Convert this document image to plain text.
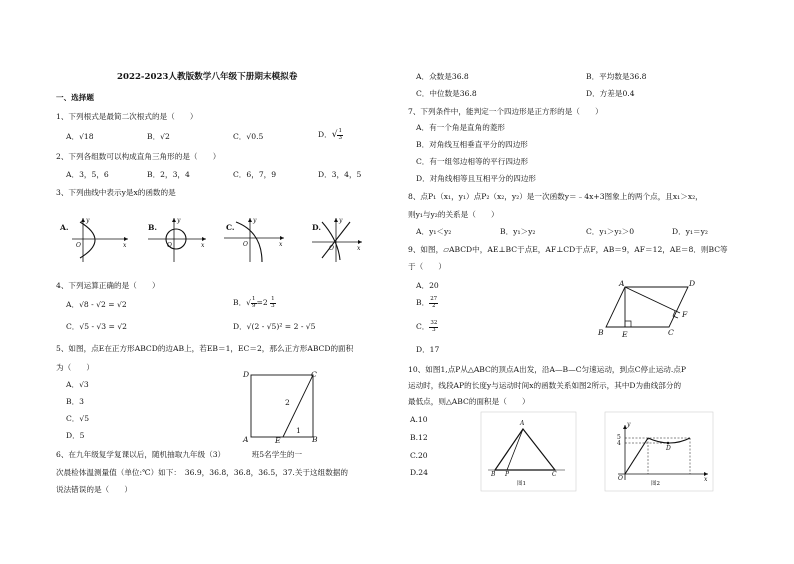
2022-2023人教版数学八年级下册期末模拟卷
一、选择题
1、下列根式是最简二次根式的是（　　）
A．√18	B．√2	C．√0.5	D．√ $\frac{1}{3}$
2、下列各组数可以构成直角三角形的是（　　）
A．3，5，6	B．2，3，4	C．6，7，9	D．3，4，5
3、下列曲线中表示y是x的函数的是
A.
y
O	x
B.
y
O	x
C.
y
O	x
D.
y
O	x
4、下列运算正确的是（　　）
A．√8 - √2 = √2	B．√ $\frac{1}{9} =2 \frac{1}{3}$
C．√5 - √3 = √2	D．√(2 - √5)² = 2 - √5
5、如图，点E在正方形ABCD的边AB上，若EB＝1，EC＝2，那么正方形ABCD的面积
为（　　）
A．√3
B．3
C．√5
D．5
D	C
A	E	B
2
1
6、在九年级复学复课以后，随机抽取九年级（3）　　　　班5名学生的一
次晨检体温测量值（单位:℃）如下：　36.9，36.8，36.8，36.5，37.关于这组数据的
说法错误的是（　　）
A．众数是36.8	B．平均数是36.8
C．中位数是36.8	D．方差是0.4
7、下列条件中，能判定一个四边形是正方形的是（　　）
A．有一个角是直角的菱形
B．对角线互相垂直平分的四边形
C．有一组邻边相等的平行四边形
D．对角线相等且互相平分的四边形
8、点P₁（x₁，y₁）点P₂（x₂，y₂）是一次函数y＝﹣4x+3图象上的两个点，且x₁＞x₂，
则y₁与y₂的关系是（　　）
A．y₁＜y₂	B．y₁＞y₂	C．y₁＞y₂＞0	D．y₁＝y₂
9、如图，▱ABCD中，AE⊥BC于点E，AF⊥CD于点F，AB＝9，AF＝12，AE＝8．则BC等
于（　　）
A．20
B． $\frac{27}{2}$
C． $\frac{32}{3}$
D．17
A	D
F
B E	C
10、如图1,点P从△ABC的顶点A出发，沿A—B—C匀速运动，到点C停止运动.点P
运动时，线段AP的长度y与运动时间x的函数关系如图2所示，其中D为曲线部分的
最低点，则△ABC的面积是（　　）
A.10
B.12
C.20
D.24
A
B P	C
图1
y
5
4
D
O	x
图2
